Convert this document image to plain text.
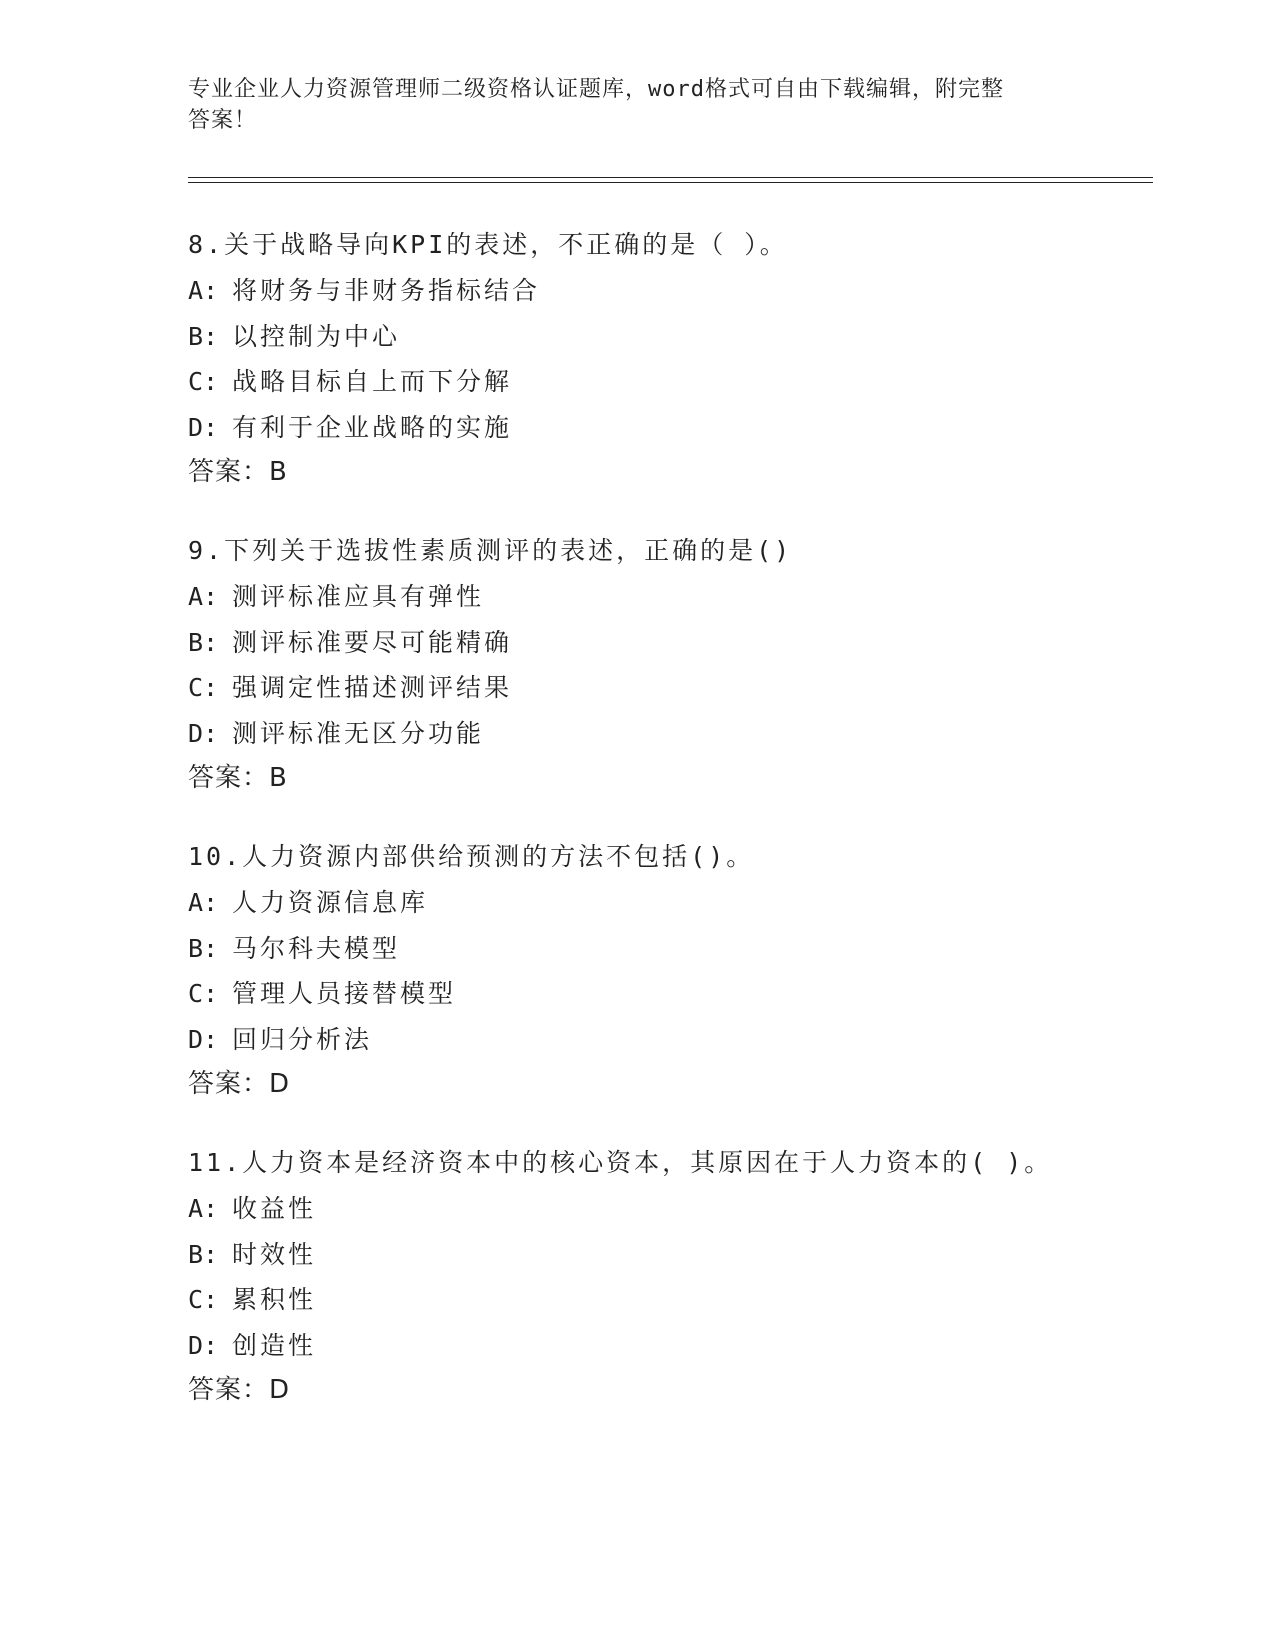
专业企业人力资源管理师二级资格认证题库，word格式可自由下载编辑，附完整
答案！
8.关于战略导向KPI的表述，不正确的是（ ）。
A: 将财务与非财务指标结合
B: 以控制为中心
C: 战略目标自上而下分解
D: 有利于企业战略的实施
答案：B
9.下列关于选拔性素质测评的表述，正确的是()
A: 测评标准应具有弹性
B: 测评标准要尽可能精确
C: 强调定性描述测评结果
D: 测评标准无区分功能
答案：B
10.人力资源内部供给预测的方法不包括()。
A: 人力资源信息库
B: 马尔科夫模型
C: 管理人员接替模型
D: 回归分析法
答案：D
11.人力资本是经济资本中的核心资本，其原因在于人力资本的( )。
A: 收益性
B: 时效性
C: 累积性
D: 创造性
答案：D
